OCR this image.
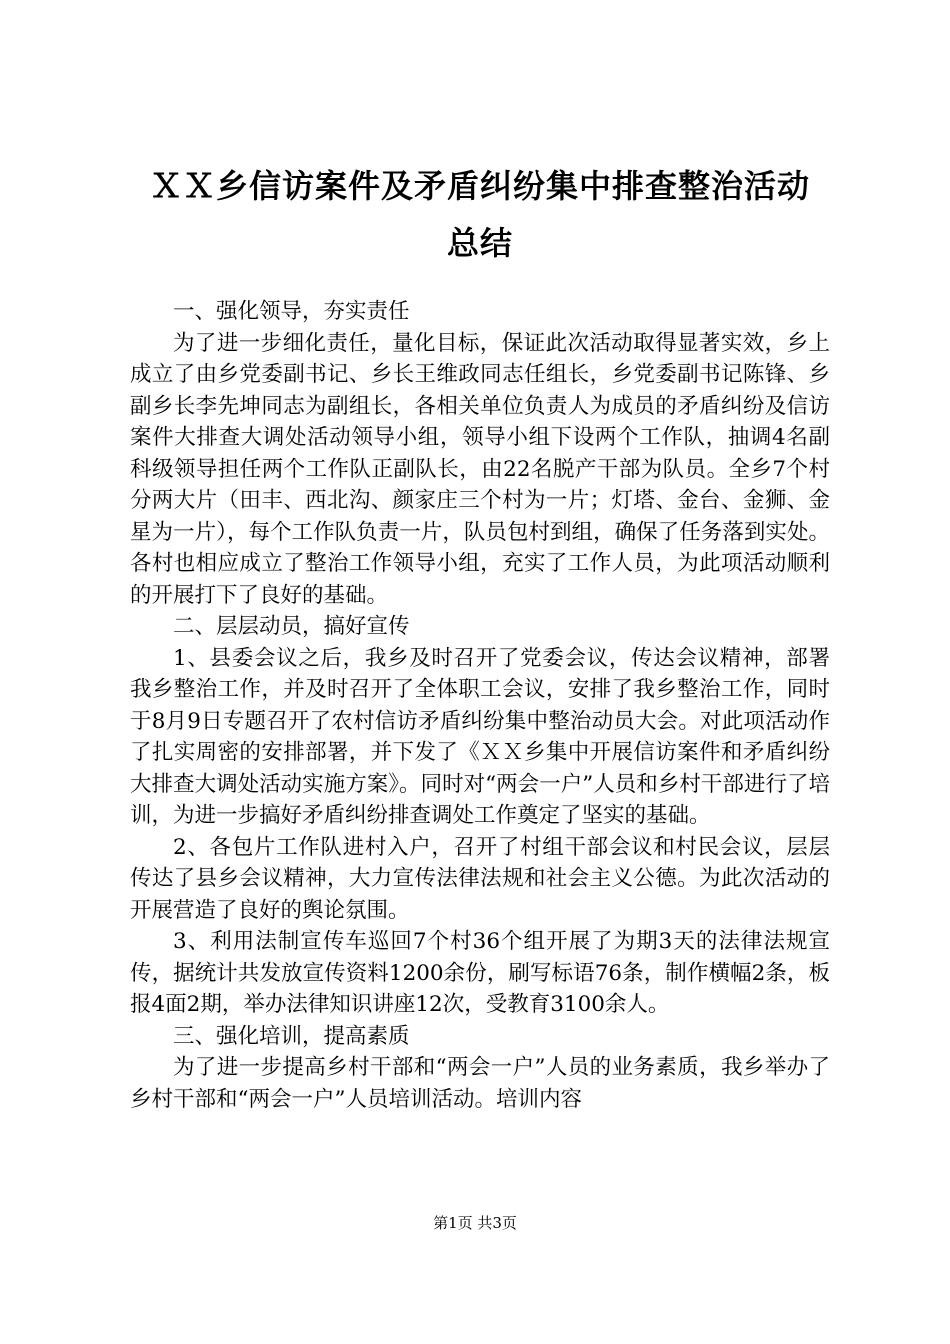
ＸＸ乡信访案件及矛盾纠纷集中排查整治活动
总结

一、强化领导，夯实责任

为了进一步细化责任，量化目标，保证此次活动取得显著实效，乡上成立了由乡党委副书记、乡长王维政同志任组长，乡党委副书记陈锋、乡副乡长李先坤同志为副组长，各相关单位负责人为成员的矛盾纠纷及信访案件大排查大调处活动领导小组，领导小组下设两个工作队，抽调4名副科级领导担任两个工作队正副队长，由22名脱产干部为队员。全乡7个村分两大片（田丰、西北沟、颜家庄三个村为一片；灯塔、金台、金狮、金星为一片），每个工作队负责一片，队员包村到组，确保了任务落到实处。各村也相应成立了整治工作领导小组，充实了工作人员，为此项活动顺利的开展打下了良好的基础。

二、层层动员，搞好宣传

1、县委会议之后，我乡及时召开了党委会议，传达会议精神，部署我乡整治工作，并及时召开了全体职工会议，安排了我乡整治工作，同时于8月9日专题召开了农村信访矛盾纠纷集中整治动员大会。对此项活动作了扎实周密的安排部署，并下发了《ＸＸ乡集中开展信访案件和矛盾纠纷大排查大调处活动实施方案》。同时对“两会一户”人员和乡村干部进行了培训，为进一步搞好矛盾纠纷排查调处工作奠定了坚实的基础。

2、各包片工作队进村入户，召开了村组干部会议和村民会议，层层传达了县乡会议精神，大力宣传法律法规和社会主义公德。为此次活动的开展营造了良好的舆论氛围。

3、利用法制宣传车巡回7个村36个组开展了为期3天的法律法规宣传，据统计共发放宣传资料1200余份，刷写标语76条，制作横幅2条，板报4面2期，举办法律知识讲座12次，受教育3100余人。

三、强化培训，提高素质

为了进一步提高乡村干部和“两会一户”人员的业务素质，我乡举办了乡村干部和“两会一户”人员培训活动。培训内容

第1页 共3页
